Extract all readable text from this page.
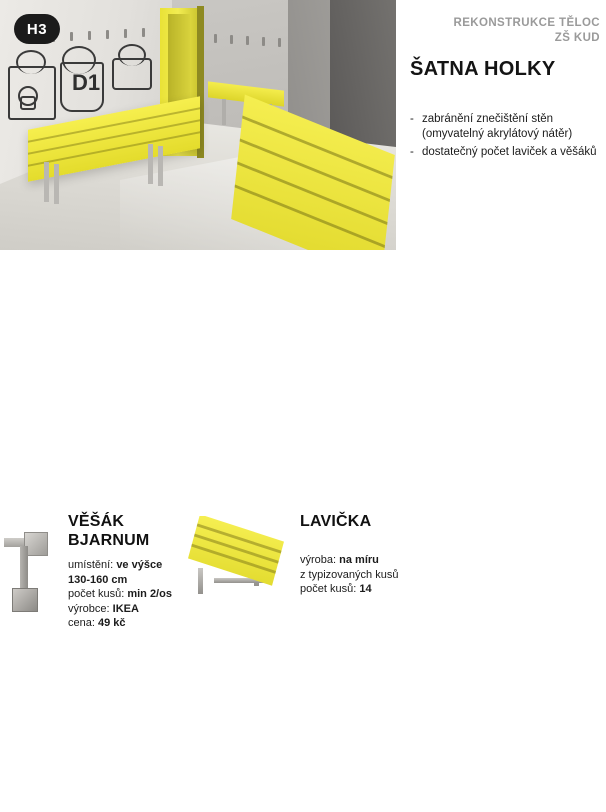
D1
H3	REKONSTRUKCE TĚLOC
ZŠ KUD
ŠATNA HOLKY
- zabránění znečištění stěn (omyvatelný akrylátový nátěr)
- dostatečný počet laviček a věšáků
VĚŠÁK
BJARNUM
umístění: ve výšce
130-160 cm
počet kusů: min 2/os
výrobce: IKEA
cena: 49 kč
LAVIČKA
výroba: na míru
z typizovaných kusů
počet kusů: 14
